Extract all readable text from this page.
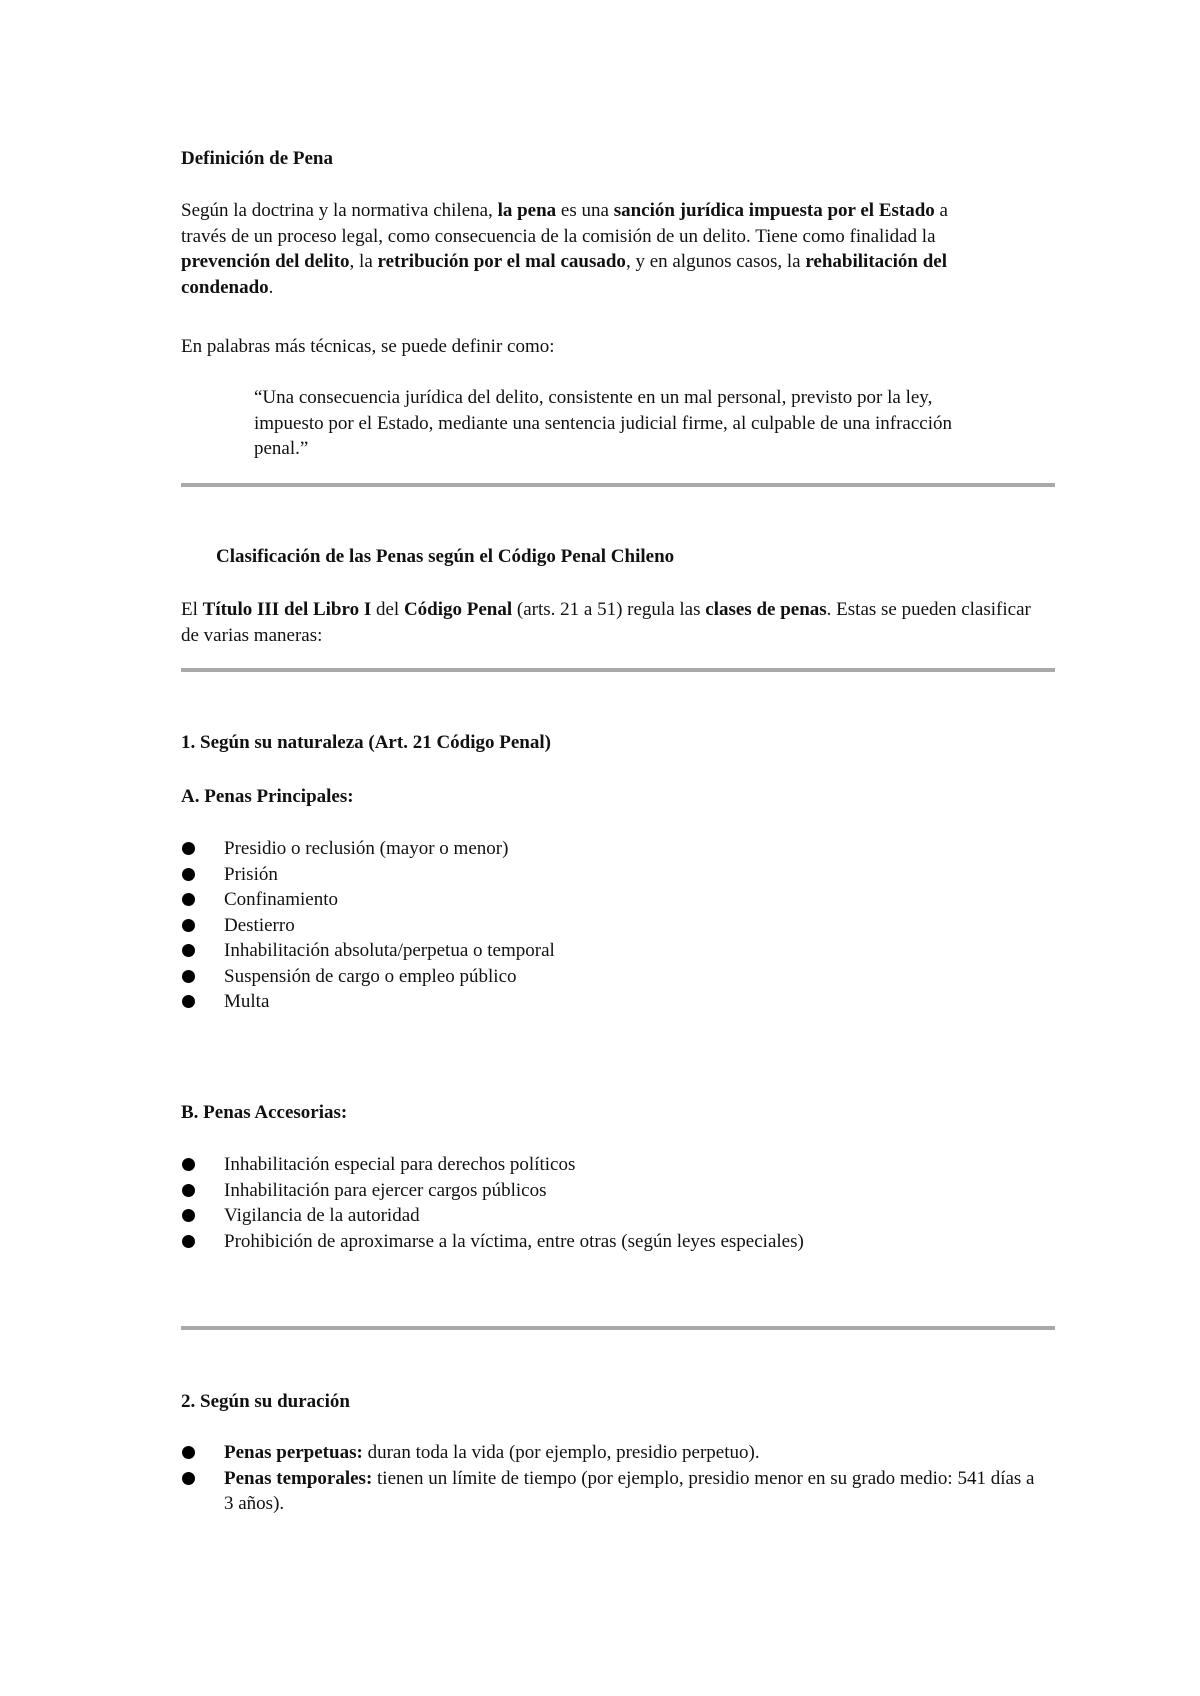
Definición de Pena

Según la doctrina y la normativa chilena, la pena es una sanción jurídica impuesta por el Estado a través de un proceso legal, como consecuencia de la comisión de un delito. Tiene como finalidad la prevención del delito, la retribución por el mal causado, y en algunos casos, la rehabilitación del condenado.

En palabras más técnicas, se puede definir como:

“Una consecuencia jurídica del delito, consistente en un mal personal, previsto por la ley, impuesto por el Estado, mediante una sentencia judicial firme, al culpable de una infracción penal.”

Clasificación de las Penas según el Código Penal Chileno

El Título III del Libro I del Código Penal (arts. 21 a 51) regula las clases de penas. Estas se pueden clasificar de varias maneras:

1. Según su naturaleza (Art. 21 Código Penal)

A. Penas Principales:

Presidio o reclusión (mayor o menor)
Prisión
Confinamiento
Destierro
Inhabilitación absoluta/perpetua o temporal
Suspensión de cargo o empleo público
Multa

B. Penas Accesorias:

Inhabilitación especial para derechos políticos
Inhabilitación para ejercer cargos públicos
Vigilancia de la autoridad
Prohibición de aproximarse a la víctima, entre otras (según leyes especiales)

2. Según su duración

Penas perpetuas: duran toda la vida (por ejemplo, presidio perpetuo).
Penas temporales: tienen un límite de tiempo (por ejemplo, presidio menor en su grado medio: 541 días a 3 años).
